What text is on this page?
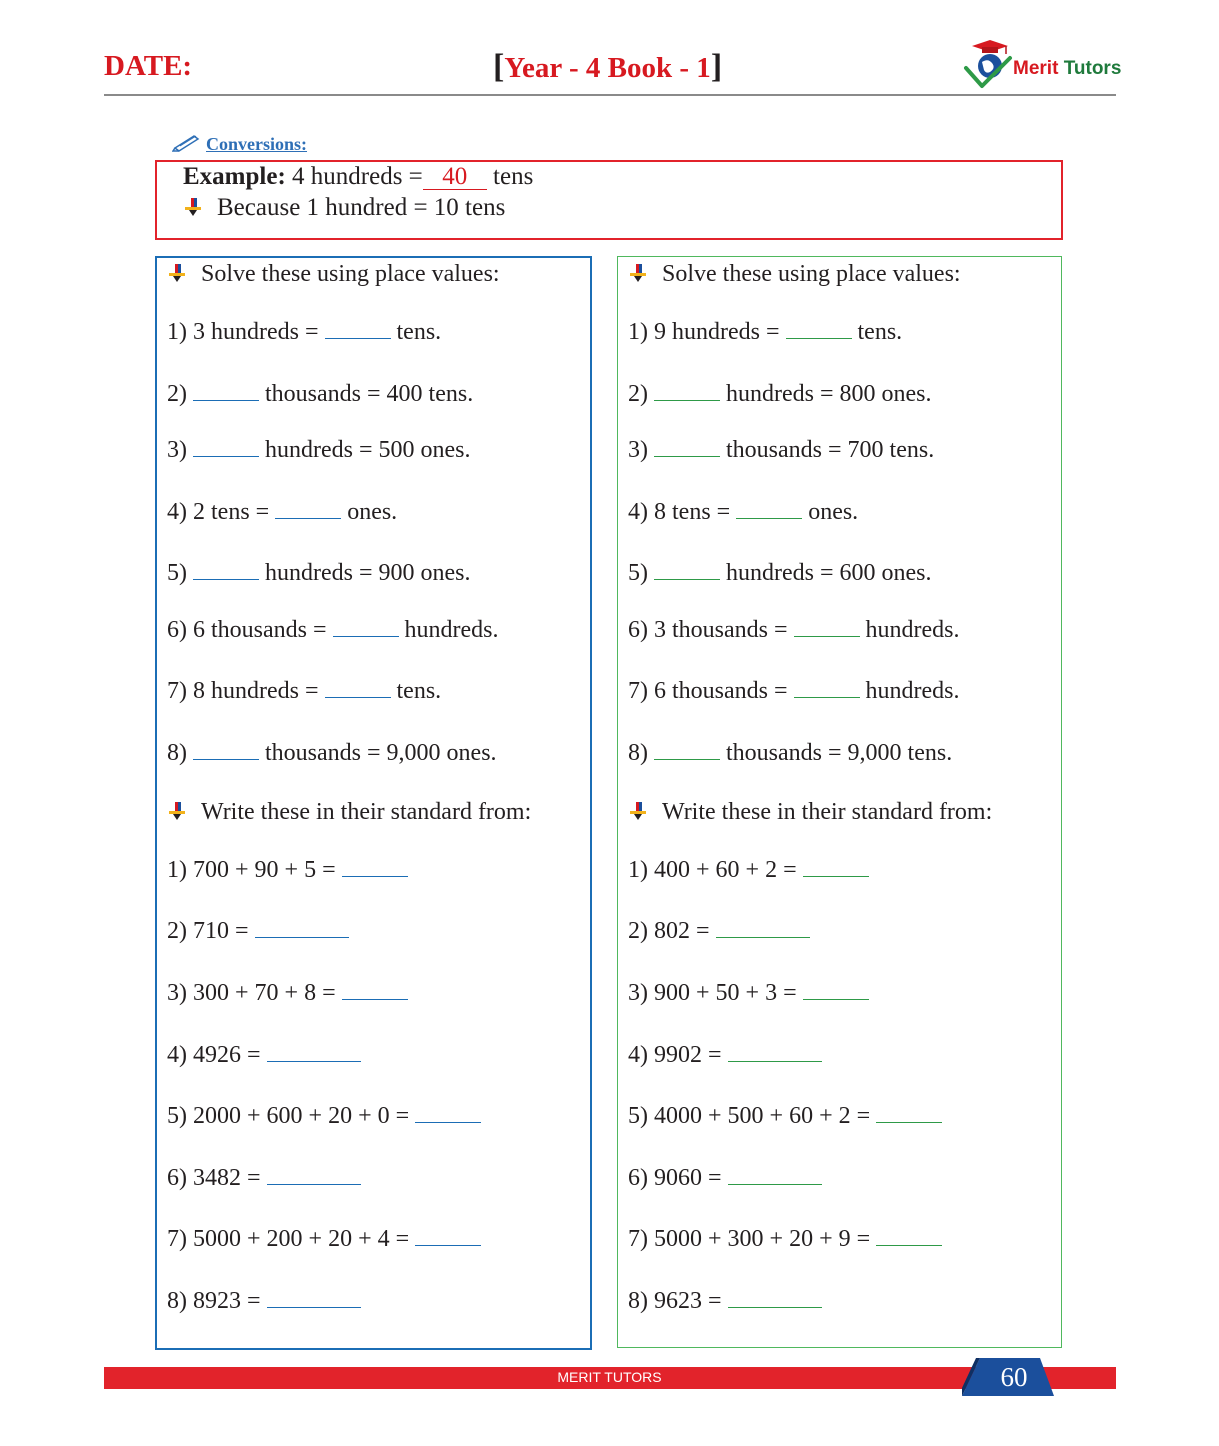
DATE:	[Year - 4 Book - 1]	Merit Tutors
Conversions:
Example: 4 hundreds = 40 tens
Because 1 hundred = 10 tens
Solve these using place values:
1) 3 hundreds =	tens.
2)	thousands = 400 tens.
3)	hundreds = 500 ones.
4) 2 tens =	ones.
5)	hundreds = 900 ones.
6) 6 thousands =	hundreds.
7) 8 hundreds =	tens.
8)	thousands = 9,000 ones.
Write these in their standard from:
1) 700 + 90 + 5 =
2) 710 =
3) 300 + 70 + 8 =
4) 4926 =
5) 2000 + 600 + 20 + 0 =
6) 3482 =
7) 5000 + 200 + 20 + 4 =
8) 8923 =
Solve these using place values:
1) 9 hundreds =	tens.
2)	hundreds = 800 ones.
3)	thousands = 700 tens.
4) 8 tens =	ones.
5)	hundreds = 600 ones.
6) 3 thousands =	hundreds.
7) 6 thousands =	hundreds.
8)	thousands = 9,000 tens.
Write these in their standard from:
1) 400 + 60 + 2 =
2) 802 =
3) 900 + 50 + 3 =
4) 9902 =
5) 4000 + 500 + 60 + 2 =
6) 9060 =
7) 5000 + 300 + 20 + 9 =
8) 9623 =
MERIT TUTORS	60
